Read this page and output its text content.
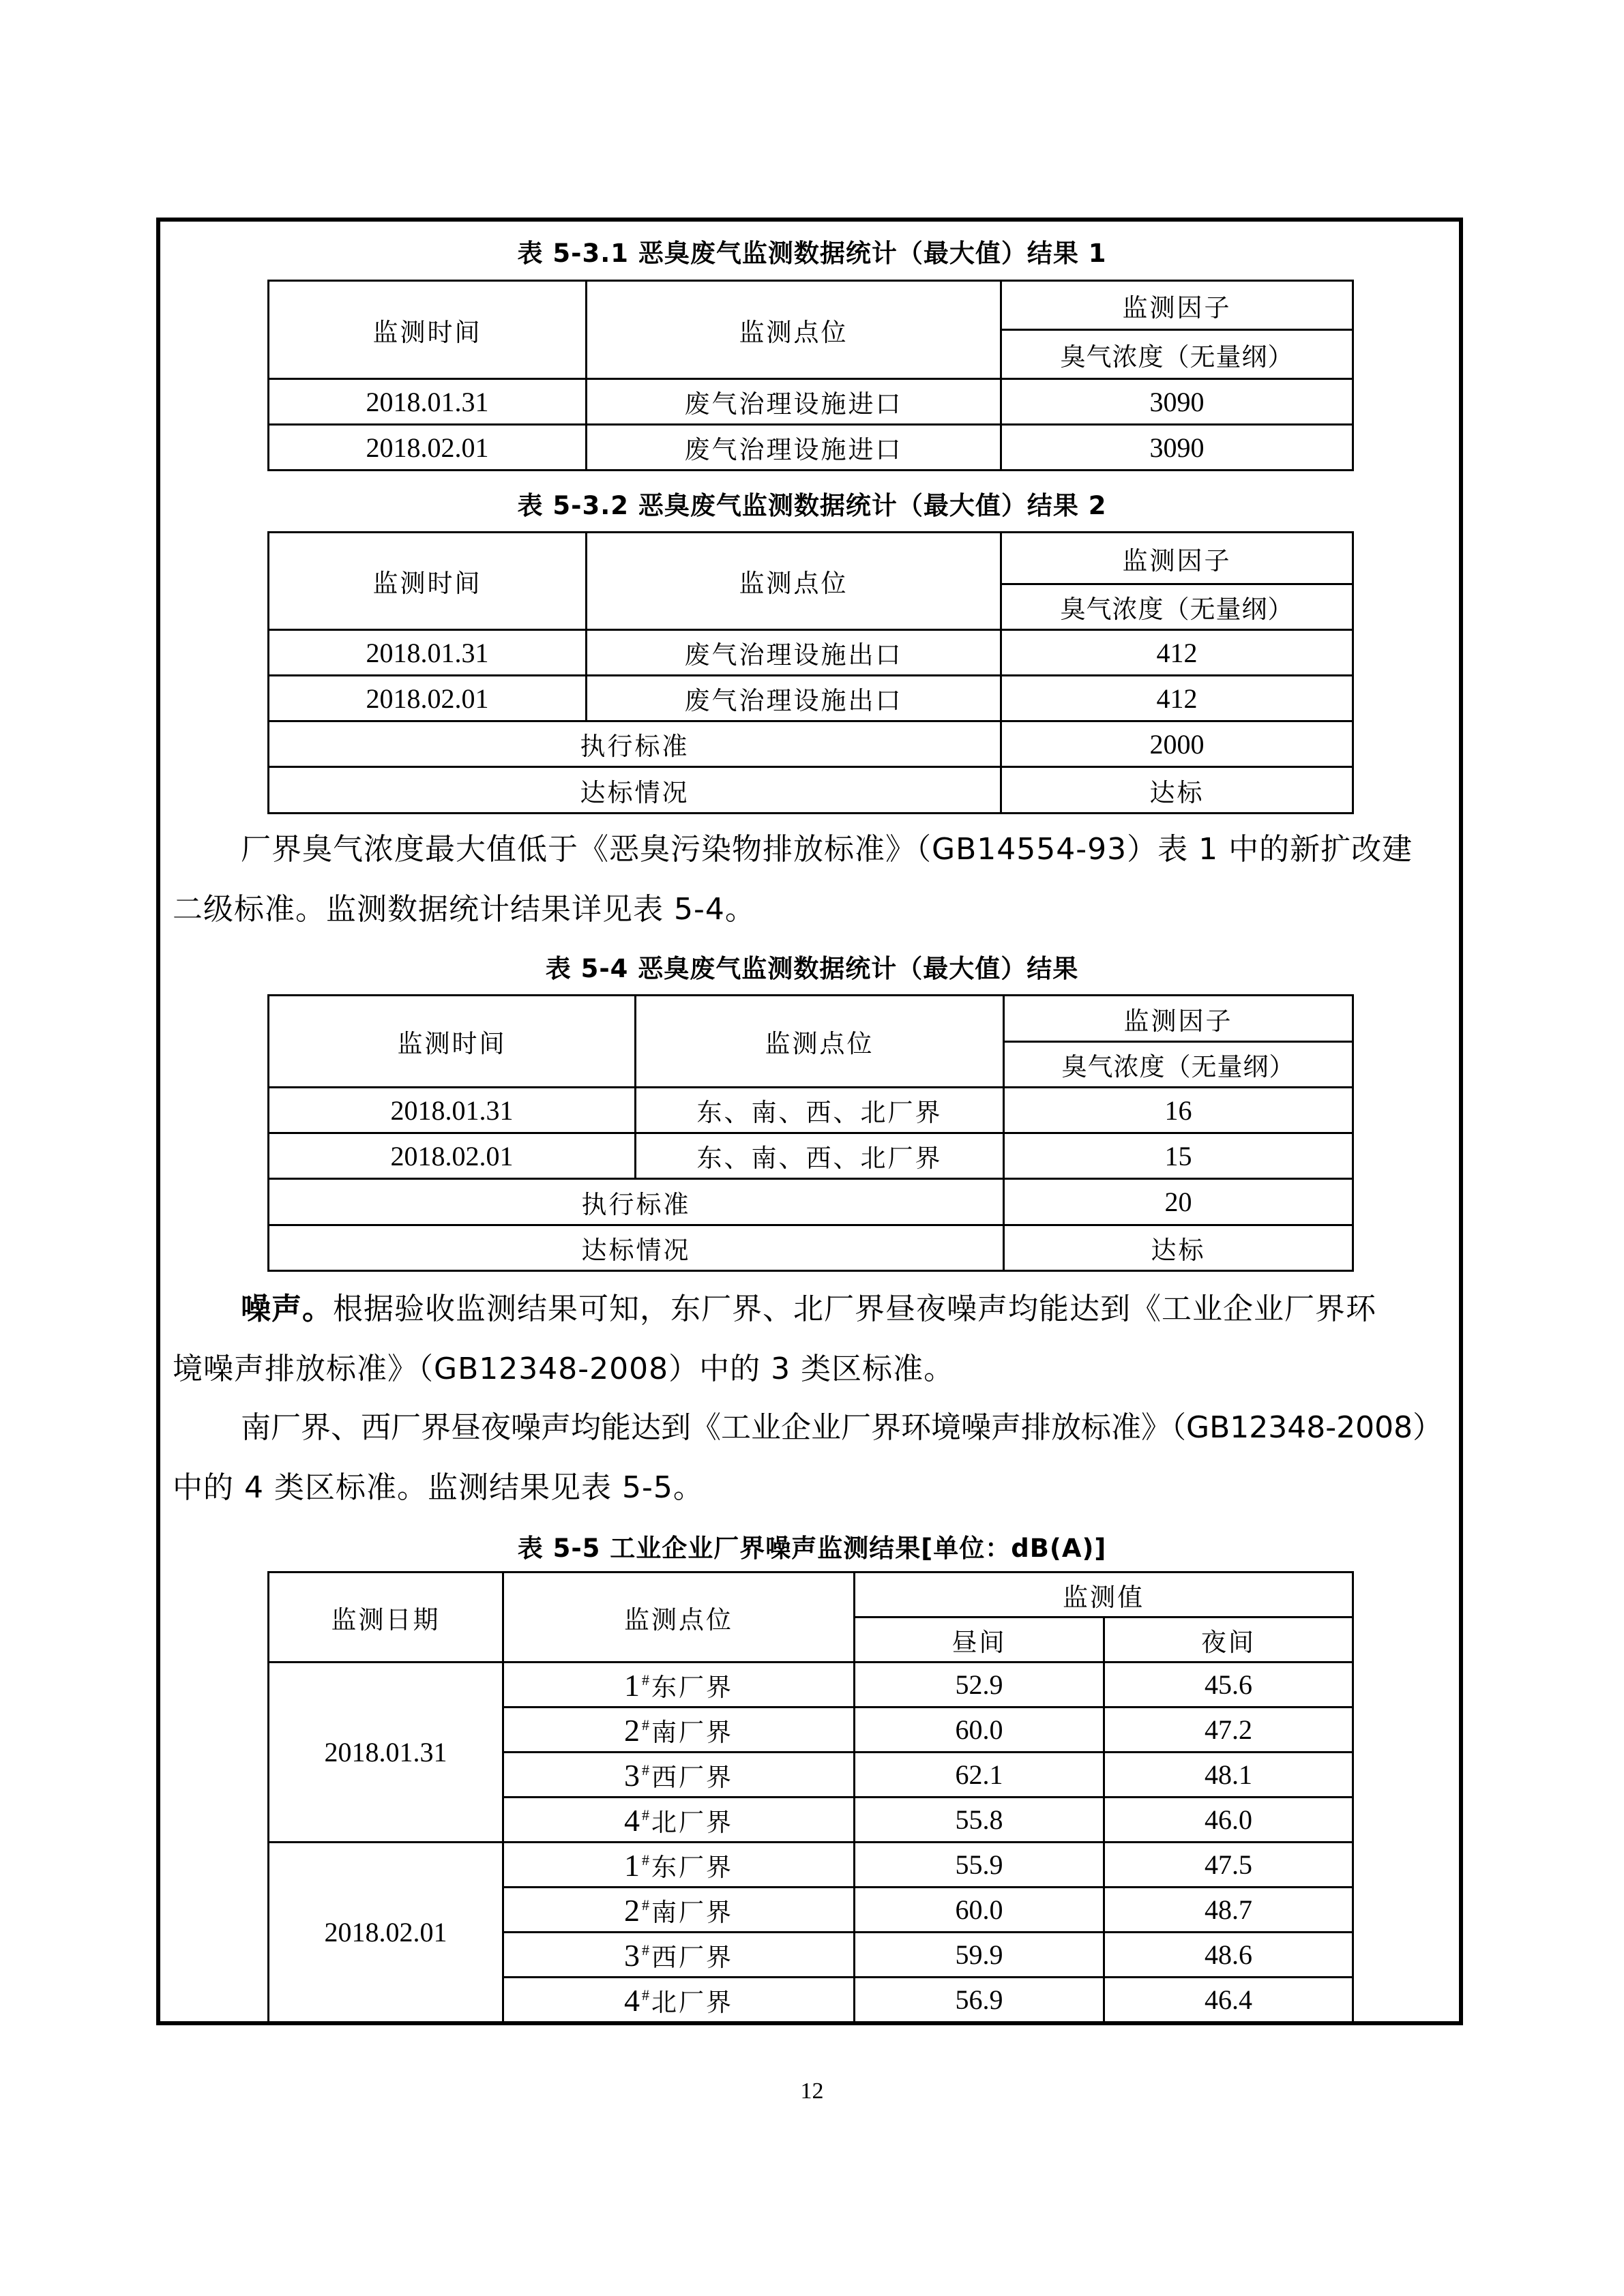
表 5-3.1 恶臭废气监测数据统计（最大值）结果 1
监测时间	监测点位	监测因子
		臭气浓度（无量纲）
2018.01.31	废气治理设施进口	3090
2018.02.01	废气治理设施进口	3090
表 5-3.2 恶臭废气监测数据统计（最大值）结果 2
监测时间	监测点位	监测因子
		臭气浓度（无量纲）
2018.01.31	废气治理设施出口	412
2018.02.01	废气治理设施出口	412
执行标准		2000
达标情况		达标
厂界臭气浓度最大值低于《恶臭污染物排放标准》（GB14554-93）表 1 中的新扩改建
二级标准。监测数据统计结果详见表 5-4。
表 5-4 恶臭废气监测数据统计（最大值）结果
监测时间	监测点位	监测因子
		臭气浓度（无量纲）
2018.01.31	东、南、西、北厂界	16
2018.02.01	东、南、西、北厂界	15
执行标准		20
达标情况		达标
噪声。根据验收监测结果可知，东厂界、北厂界昼夜噪声均能达到《工业企业厂界环
境噪声排放标准》（GB12348-2008）中的 3 类区标准。
南厂界、西厂界昼夜噪声均能达到《工业企业厂界环境噪声排放标准》（GB12348-2008）
中的 4 类区标准。监测结果见表 5-5。
表 5-5 工业企业厂界噪声监测结果[单位：dB(A)]
监测日期	监测点位	监测值	
		昼间	夜间
2018.01.31	1#东厂界	52.9	45.6
	2#南厂界	60.0	47.2
	3#西厂界	62.1	48.1
	4#北厂界	55.8	46.0
2018.02.01	1#东厂界	55.9	47.5
	2#南厂界	60.0	48.7
	3#西厂界	59.9	48.6
	4#北厂界	56.9	46.4
12
